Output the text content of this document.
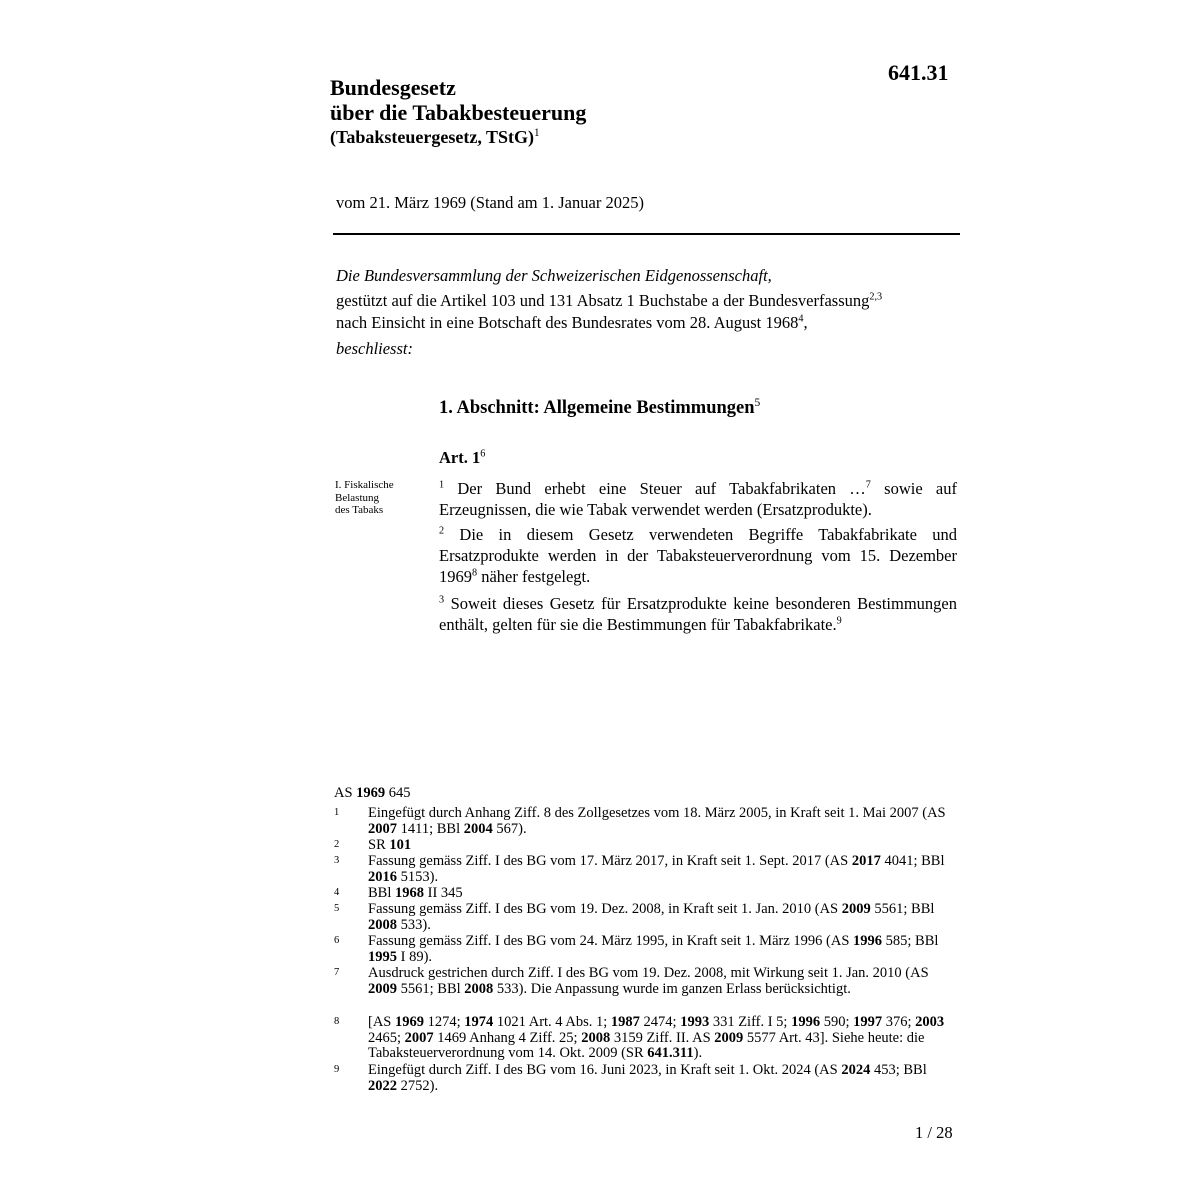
641.31
Bundesgesetz
über die Tabakbesteuerung
(Tabaksteuergesetz, TStG)$^1$
vom 21. März 1969 (Stand am 1. Januar 2025)
Die Bundesversammlung der Schweizerischen Eidgenossenschaft,
gestützt auf die Artikel 103 und 131 Absatz 1 Buchstabe a der Bundesverfassung$^{2,3}$
nach Einsicht in eine Botschaft des Bundesrates vom 28. August 1968$^4$,
beschliesst:
1. Abschnitt: Allgemeine Bestimmungen$^5$
Art. $1^6$
I. Fiskalische
Belastung
des Tabaks
$^1$ Der Bund erhebt eine Steuer auf Tabakfabrikaten …$^7$ sowie auf Erzeugnissen, die wie Tabak verwendet werden (Ersatzprodukte).
$^2$ Die in diesem Gesetz verwendeten Begriffe Tabakfabrikate und Ersatzprodukte werden in der Tabaksteuerverordnung vom 15. Dezember 1969$^8$ näher festgelegt.
$^3$ Soweit dieses Gesetz für Ersatzprodukte keine besonderen Bestimmungen enthält, gelten für sie die Bestimmungen für Tabakfabrikate.$^9$
AS 1969 645
1 Eingefügt durch Anhang Ziff. 8 des Zollgesetzes vom 18. März 2005, in Kraft seit 1. Mai 2007 (AS 2007 1411; BBl 2004 567).
2 SR 101
3 Fassung gemäss Ziff. I des BG vom 17. März 2017, in Kraft seit 1. Sept. 2017 (AS 2017 4041; BBl 2016 5153).
4 BBl 1968 II 345
5 Fassung gemäss Ziff. I des BG vom 19. Dez. 2008, in Kraft seit 1. Jan. 2010 (AS 2009 5561; BBl 2008 533).
6 Fassung gemäss Ziff. I des BG vom 24. März 1995, in Kraft seit 1. März 1996 (AS 1996 585; BBl 1995 I 89).
7 Ausdruck gestrichen durch Ziff. I des BG vom 19. Dez. 2008, mit Wirkung seit 1. Jan. 2010 (AS 2009 5561; BBl 2008 533). Die Anpassung wurde im ganzen Erlass berücksichtigt.
8 [AS 1969 1274; 1974 1021 Art. 4 Abs. 1; 1987 2474; 1993 331 Ziff. I 5; 1996 590; 1997 376; 2003 2465; 2007 1469 Anhang 4 Ziff. 25; 2008 3159 Ziff. II. AS 2009 5577 Art. 43]. Siehe heute: die Tabaksteuerverordnung vom 14. Okt. 2009 (SR 641.311).
9 Eingefügt durch Ziff. I des BG vom 16. Juni 2023, in Kraft seit 1. Okt. 2024 (AS 2024 453; BBl 2022 2752).
1 / 28
